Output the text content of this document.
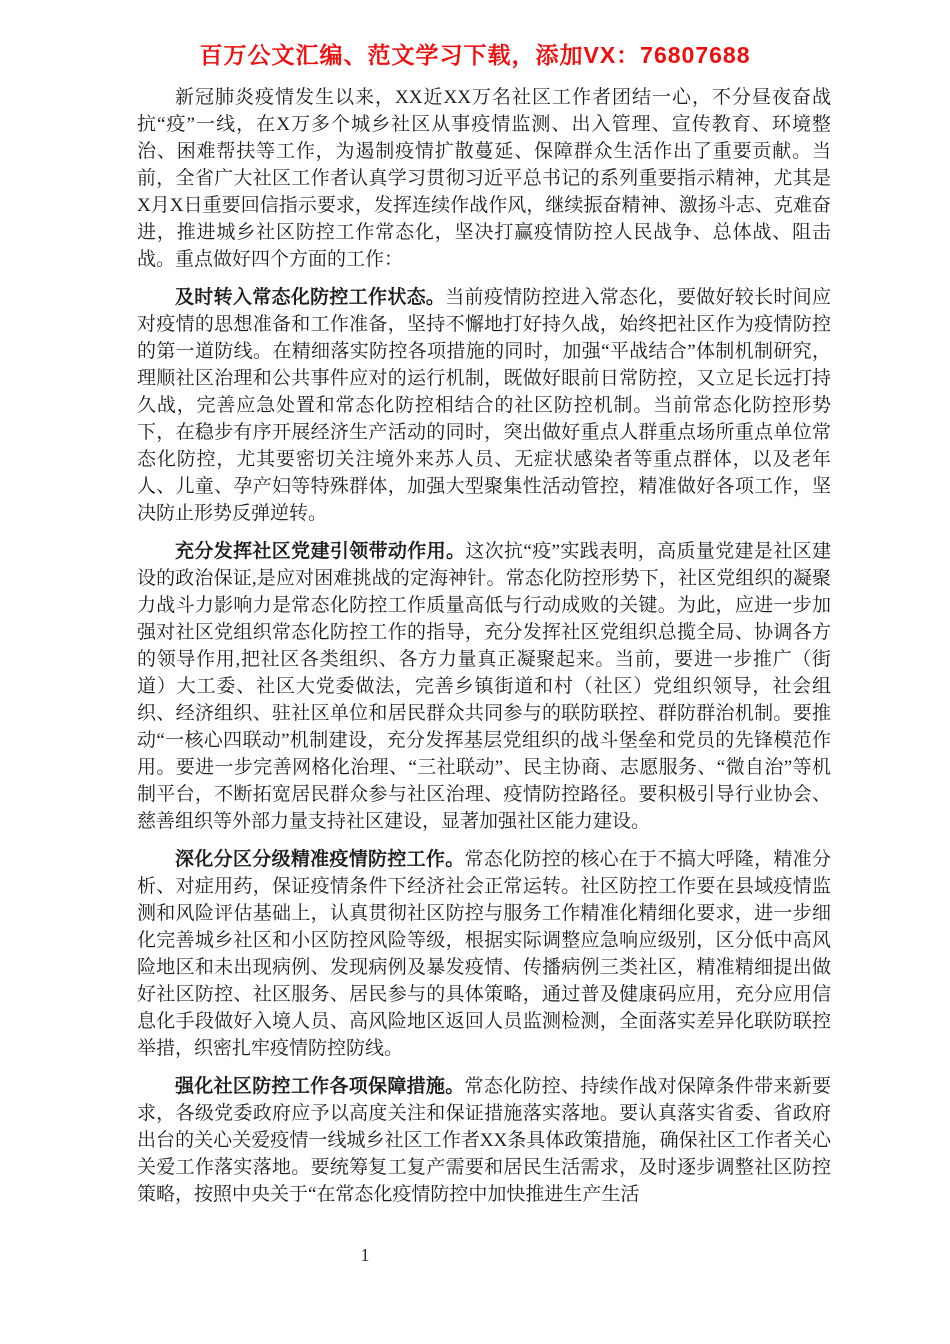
百万公文汇编、范文学习下载，添加VX：76807688

新冠肺炎疫情发生以来，XX近XX万名社区工作者团结一心，不分昼夜奋战抗“疫”一线，在X万多个城乡社区从事疫情监测、出入管理、宣传教育、环境整治、困难帮扶等工作，为遏制疫情扩散蔓延、保障群众生活作出了重要贡献。当前，全省广大社区工作者认真学习贯彻习近平总书记的系列重要指示精神，尤其是X月X日重要回信指示要求，发挥连续作战作风，继续振奋精神、激扬斗志、克难奋进，推进城乡社区防控工作常态化，坚决打赢疫情防控人民战争、总体战、阻击战。重点做好四个方面的工作：

及时转入常态化防控工作状态。当前疫情防控进入常态化，要做好较长时间应对疫情的思想准备和工作准备，坚持不懈地打好持久战，始终把社区作为疫情防控的第一道防线。在精细落实防控各项措施的同时，加强“平战结合”体制机制研究，理顺社区治理和公共事件应对的运行机制，既做好眼前日常防控，又立足长远打持久战，完善应急处置和常态化防控相结合的社区防控机制。当前常态化防控形势下，在稳步有序开展经济生产活动的同时，突出做好重点人群重点场所重点单位常态化防控，尤其要密切关注境外来苏人员、无症状感染者等重点群体，以及老年人、儿童、孕产妇等特殊群体，加强大型聚集性活动管控，精准做好各项工作，坚决防止形势反弹逆转。

充分发挥社区党建引领带动作用。这次抗“疫”实践表明，高质量党建是社区建设的政治保证,是应对困难挑战的定海神针。常态化防控形势下，社区党组织的凝聚力战斗力影响力是常态化防控工作质量高低与行动成败的关键。为此，应进一步加强对社区党组织常态化防控工作的指导，充分发挥社区党组织总揽全局、协调各方的领导作用,把社区各类组织、各方力量真正凝聚起来。当前，要进一步推广（街道）大工委、社区大党委做法，完善乡镇街道和村（社区）党组织领导，社会组织、经济组织、驻社区单位和居民群众共同参与的联防联控、群防群治机制。要推动“一核心四联动”机制建设，充分发挥基层党组织的战斗堡垒和党员的先锋模范作用。要进一步完善网格化治理、“三社联动”、民主协商、志愿服务、“微自治”等机制平台，不断拓宽居民群众参与社区治理、疫情防控路径。要积极引导行业协会、慈善组织等外部力量支持社区建设，显著加强社区能力建设。

深化分区分级精准疫情防控工作。常态化防控的核心在于不搞大呼隆，精准分析、对症用药，保证疫情条件下经济社会正常运转。社区防控工作要在县域疫情监测和风险评估基础上，认真贯彻社区防控与服务工作精准化精细化要求，进一步细化完善城乡社区和小区防控风险等级，根据实际调整应急响应级别，区分低中高风险地区和未出现病例、发现病例及暴发疫情、传播病例三类社区，精准精细提出做好社区防控、社区服务、居民参与的具体策略，通过普及健康码应用，充分应用信息化手段做好入境人员、高风险地区返回人员监测检测，全面落实差异化联防联控举措，织密扎牢疫情防控防线。

强化社区防控工作各项保障措施。常态化防控、持续作战对保障条件带来新要求，各级党委政府应予以高度关注和保证措施落实落地。要认真落实省委、省政府出台的关心关爱疫情一线城乡社区工作者XX条具体政策措施，确保社区工作者关心关爱工作落实落地。要统筹复工复产需要和居民生活需求，及时逐步调整社区防控策略，按照中央关于“在常态化疫情防控中加快推进生产生活

1
